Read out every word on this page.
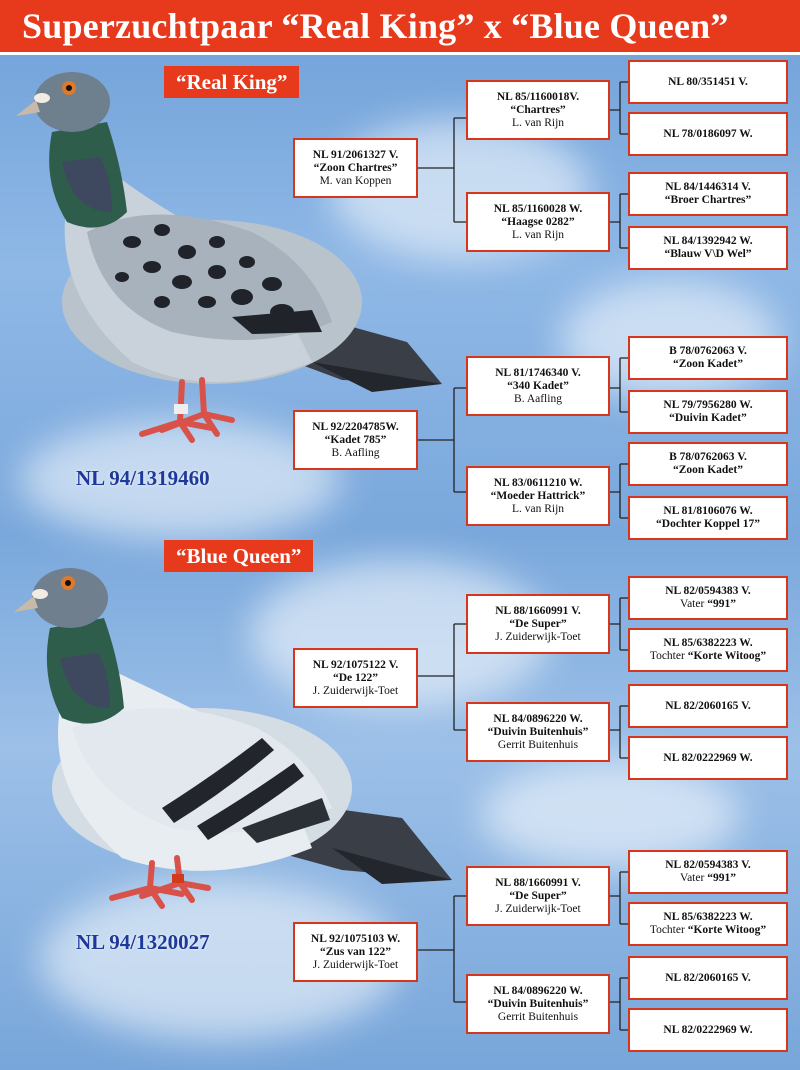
Superzuchtpaar “Real King” x “Blue Queen”
“Real King”
NL 94/1319460
“Blue Queen”
NL 94/1320027
NL 91/2061327 V.
“Zoon Chartres”
M. van Koppen
NL 92/2204785W.
“Kadet 785”
B. Aafling
NL 85/1160018V.
“Chartres”
L. van Rijn
NL 85/1160028 W.
“Haagse 0282”
L. van Rijn
NL 81/1746340 V.
“340 Kadet”
B. Aafling
NL 83/0611210 W.
“Moeder Hattrick”
L. van Rijn
NL 80/351451 V.
NL 78/0186097 W.
NL 84/1446314 V.
“Broer Chartres”
NL 84/1392942 W.
“Blauw V\D Wel”
B 78/0762063 V.
“Zoon Kadet”
NL 79/7956280 W.
“Duivin Kadet”
B 78/0762063 V.
“Zoon Kadet”
NL 81/8106076 W.
“Dochter Koppel 17”
NL 92/1075122 V.
“De 122”
J. Zuiderwijk-Toet
NL 92/1075103 W.
“Zus van 122”
J. Zuiderwijk-Toet
NL 88/1660991 V.
“De Super”
J. Zuiderwijk-Toet
NL 84/0896220 W.
“Duivin Buitenhuis”
Gerrit Buitenhuis
NL 88/1660991 V.
“De Super”
J. Zuiderwijk-Toet
NL 84/0896220 W.
“Duivin Buitenhuis”
Gerrit Buitenhuis
NL 82/0594383 V.
Vater “991”
NL 85/6382223 W.
Tochter “Korte Witoog”
NL 82/2060165 V.
NL 82/0222969 W.
NL 82/0594383 V.
Vater “991”
NL 85/6382223 W.
Tochter “Korte Witoog”
NL 82/2060165 V.
NL 82/0222969 W.
